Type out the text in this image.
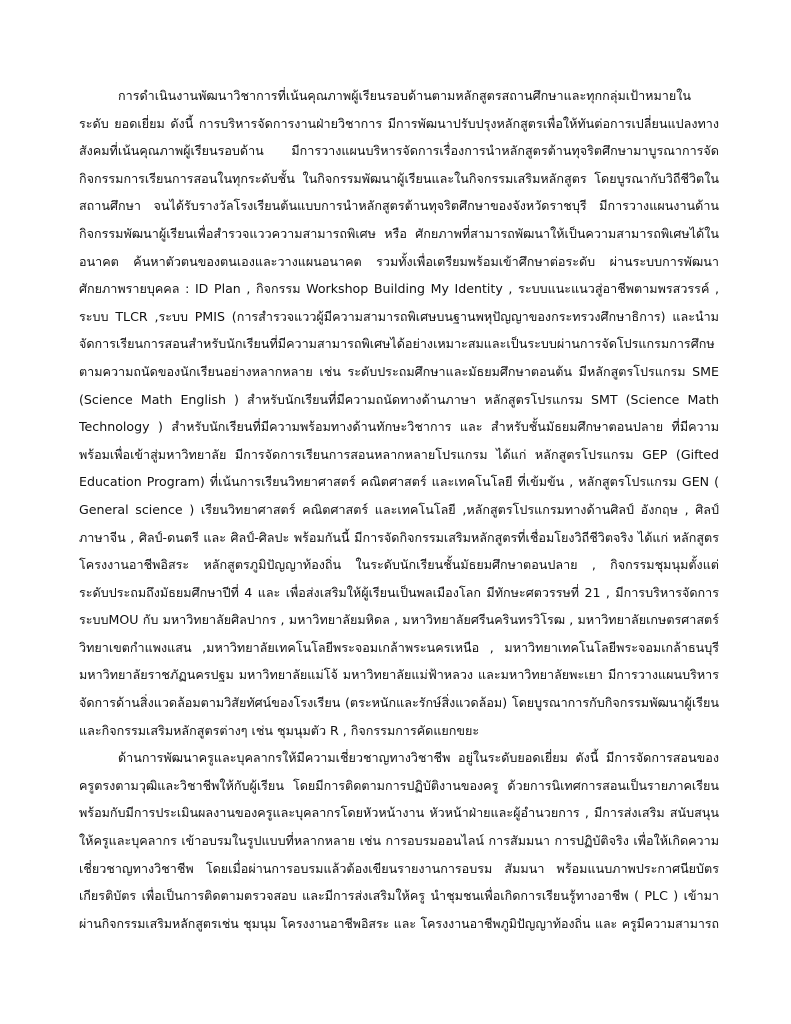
การดำเนินงานพัฒนาวิชาการที่เน้นคุณภาพผู้เรียนรอบด้านตามหลักสูตรสถานศึกษาและทุกกลุ่มเป้าหมายใน
ระดับ ยอดเยี่ยม ดังนี้ การบริหารจัดการงานฝ่ายวิชาการ มีการพัฒนาปรับปรุงหลักสูตรเพื่อให้ทันต่อการเปลี่ยนแปลงทาง
สังคมที่เน้นคุณภาพผู้เรียนรอบด้าน มีการวางแผนบริหารจัดการเรื่องการนำหลักสูตรต้านทุจริตศึกษามาบูรณาการจัด
กิจกรรมการเรียนการสอนในทุกระดับชั้น ในกิจกรรมพัฒนาผู้เรียนและในกิจกรรมเสริมหลักสูตร โดยบูรณากับวิถีชีวิตใน
สถานศึกษา จนได้รับรางวัลโรงเรียนต้นแบบการนำหลักสูตรต้านทุจริตศึกษาของจังหวัดราชบุรี มีการวางแผนงานด้าน
กิจกรรมพัฒนาผู้เรียนเพื่อสำรวจแววความสามารถพิเศษ หรือ ศักยภาพที่สามารถพัฒนาให้เป็นความสามารถพิเศษได้ใน
อนาคต ค้นหาตัวตนของตนเองและวางแผนอนาคต รวมทั้งเพื่อเตรียมพร้อมเข้าศึกษาต่อระดับ ผ่านระบบการพัฒนา
ศักยภาพรายบุคคล : ID Plan , กิจกรรม Workshop Building My Identity , ระบบแนะแนวสู่อาชีพตามพรสวรรค์ ,
ระบบ TLCR ,ระบบ PMIS (การสำรวจแววผู้มีความสามารถพิเศษบนฐานพหุปัญญาของกระทรวงศึกษาธิการ) และนำม
จัดการเรียนการสอนสำหรับนักเรียนที่มีความสามารถพิเศษได้อย่างเหมาะสมและเป็นระบบผ่านการจัดโปรแกรมการศึกษ
ตามความถนัดของนักเรียนอย่างหลากหลาย เช่น ระดับประถมศึกษาและมัธยมศึกษาตอนต้น มีหลักสูตรโปรแกรม SME
(Science Math English ) สำหรับนักเรียนที่มีความถนัดทางด้านภาษา หลักสูตรโปรแกรม SMT (Science Math
Technology ) สำหรับนักเรียนที่มีความพร้อมทางด้านทักษะวิชาการ และ สำหรับชั้นมัธยมศึกษาตอนปลาย ที่มีความ
พร้อมเพื่อเข้าสู่มหาวิทยาลัย มีการจัดการเรียนการสอนหลากหลายโปรแกรม ได้แก่ หลักสูตรโปรแกรม GEP (Gifted
Education Program) ที่เน้นการเรียนวิทยาศาสตร์ คณิตศาสตร์ และเทคโนโลยี ที่เข้มข้น , หลักสูตรโปรแกรม GEN (
General science ) เรียนวิทยาศาสตร์ คณิตศาสตร์ และเทคโนโลยี ,หลักสูตรโปรแกรมทางด้านศิลป์ อังกฤษ , ศิลป์
ภาษาจีน , ศิลป์-ดนตรี และ ศิลป์-ศิลปะ พร้อมกันนี้ มีการจัดกิจกรรมเสริมหลักสูตรที่เชื่อมโยงวิถีชีวิตจริง ได้แก่ หลักสูตร
โครงงานอาชีพอิสระ หลักสูตรภูมิปัญญาท้องถิ่น ในระดับนักเรียนชั้นมัธยมศึกษาตอนปลาย , กิจกรรมชุมนุมตั้งแต่
ระดับประถมถึงมัธยมศึกษาปีที่ 4 และ เพื่อส่งเสริมให้ผู้เรียนเป็นพลเมืองโลก มีทักษะศตวรรษที่ 21 , มีการบริหารจัดการ
ระบบMOU กับ มหาวิทยาลัยศิลปากร , มหาวิทยาลัยมหิดล , มหาวิทยาลัยศรีนครินทรวิโรฒ , มหาวิทยาลัยเกษตรศาสตร์
วิทยาเขตกำแพงแสน ,มหาวิทยาลัยเทคโนโลยีพระจอมเกล้าพระนครเหนือ , มหาวิทยาเทคโนโลยีพระจอมเกล้าธนบุรี
มหาวิทยาลัยราชภัฏนครปฐม มหาวิทยาลัยแม่โจ้ มหาวิทยาลัยแม่ฟ้าหลวง และมหาวิทยาลัยพะเยา มีการวางแผนบริหาร
จัดการด้านสิ่งแวดล้อมตามวิสัยทัศน์ของโรงเรียน (ตระหนักและรักษ์สิ่งแวดล้อม) โดยบูรณาการกับกิจกรรมพัฒนาผู้เรียน
และกิจกรรมเสริมหลักสูตรต่างๆ เช่น ชุมนุมตัว R , กิจกรรมการคัดแยกขยะ
ด้านการพัฒนาครูและบุคลากรให้มีความเชี่ยวชาญทางวิชาชีพ อยู่ในระดับยอดเยี่ยม ดังนี้ มีการจัดการสอนของ
ครูตรงตามวุฒิและวิชาชีพให้กับผู้เรียน โดยมีการติดตามการปฏิบัติงานของครู ด้วยการนิเทศการสอนเป็นรายภาคเรียน
พร้อมกับมีการประเมินผลงานของครูและบุคลากรโดยหัวหน้างาน หัวหน้าฝ่ายและผู้อำนวยการ , มีการส่งเสริม สนับสนุน
ให้ครูและบุคลากร เข้าอบรมในรูปแบบที่หลากหลาย เช่น การอบรมออนไลน์ การสัมมนา การปฏิบัติจริง เพื่อให้เกิดความ
เชี่ยวชาญทางวิชาชีพ โดยเมื่อผ่านการอบรมแล้วต้องเขียนรายงานการอบรม สัมมนา พร้อมแนบภาพประกาศนียบัตร
เกียรติบัตร เพื่อเป็นการติดตามตรวจสอบ และมีการส่งเสริมให้ครู นำชุมชนเพื่อเกิดการเรียนรู้ทางอาชีพ ( PLC ) เข้ามา
ผ่านกิจกรรมเสริมหลักสูตรเช่น ชุมนุม โครงงานอาชีพอิสระ และ โครงงานอาชีพภูมิปัญญาท้องถิ่น และ ครูมีความสามารถ
